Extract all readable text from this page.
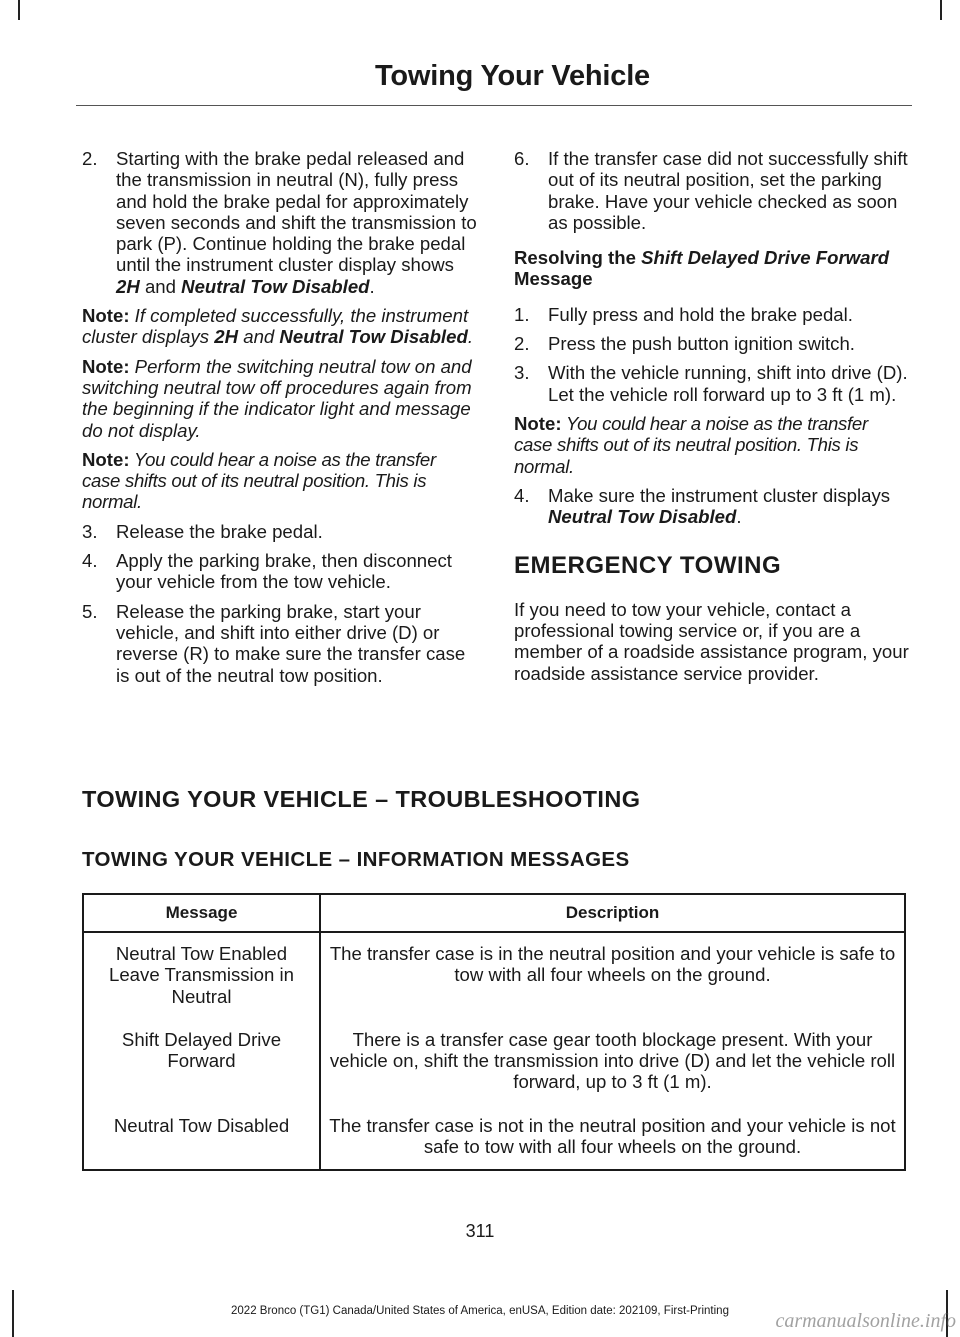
Towing Your Vehicle
2. Starting with the brake pedal released and the transmission in neutral (N), fully press and hold the brake pedal for approximately seven seconds and shift the transmission to park (P). Continue holding the brake pedal until the instrument cluster display shows 2H and Neutral Tow Disabled.
Note: If completed successfully, the instrument cluster displays 2H and Neutral Tow Disabled.
Note: Perform the switching neutral tow on and switching neutral tow off procedures again from the beginning if the indicator light and message do not display.
Note: You could hear a noise as the transfer case shifts out of its neutral position. This is normal.
3. Release the brake pedal.
4. Apply the parking brake, then disconnect your vehicle from the tow vehicle.
5. Release the parking brake, start your vehicle, and shift into either drive (D) or reverse (R) to make sure the transfer case is out of the neutral tow position.
6. If the transfer case did not successfully shift out of its neutral position, set the parking brake. Have your vehicle checked as soon as possible.
Resolving the Shift Delayed Drive Forward Message
1. Fully press and hold the brake pedal.
2. Press the push button ignition switch.
3. With the vehicle running, shift into drive (D). Let the vehicle roll forward up to 3 ft (1 m).
Note: You could hear a noise as the transfer case shifts out of its neutral position. This is normal.
4. Make sure the instrument cluster displays Neutral Tow Disabled.
EMERGENCY TOWING
If you need to tow your vehicle, contact a professional towing service or, if you are a member of a roadside assistance program, your roadside assistance service provider.
TOWING YOUR VEHICLE – TROUBLESHOOTING
TOWING YOUR VEHICLE – INFORMATION MESSAGES
Message	Description
Neutral Tow Enabled Leave Transmission in Neutral	The transfer case is in the neutral position and your vehicle is safe to tow with all four wheels on the ground.
Shift Delayed Drive Forward	There is a transfer case gear tooth blockage present. With your vehicle on, shift the transmission into drive (D) and let the vehicle roll forward, up to 3 ft (1 m).
Neutral Tow Disabled	The transfer case is not in the neutral position and your vehicle is not safe to tow with all four wheels on the ground.
311
2022 Bronco (TG1) Canada/United States of America, enUSA, Edition date: 202109, First-Printing	carmanualsonline.info
